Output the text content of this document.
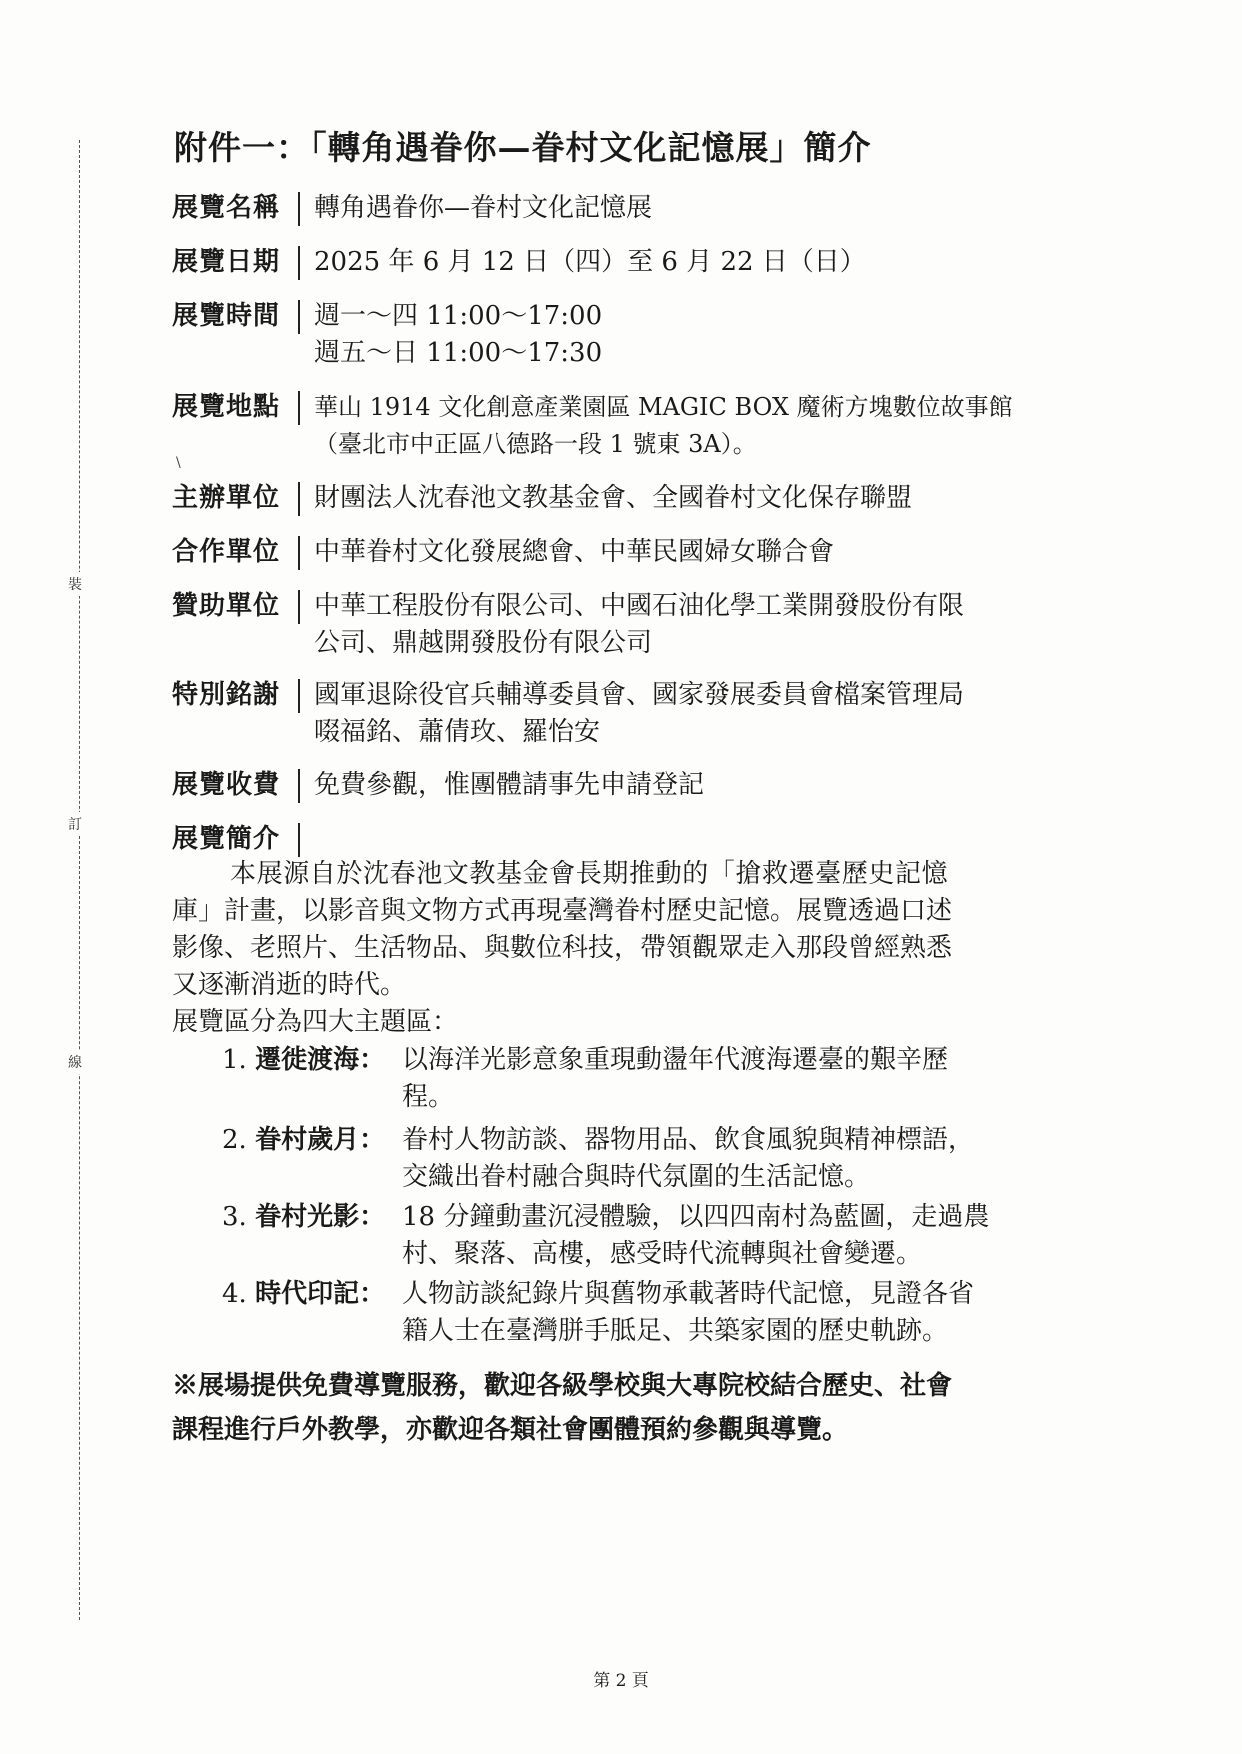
裝
訂
線
附件一：「轉角遇眷你—眷村文化記憶展」簡介
展覽名稱	轉角遇眷你—眷村文化記憶展
展覽日期	2025 年 6 月 12 日（四）至 6 月 22 日（日）
展覽時間	週一～四 11:00～17:00
週五～日 11:00～17:30
展覽地點	華山 1914 文化創意產業園區 MAGIC BOX 魔術方塊數位故事館
（臺北市中正區八德路一段 1 號東 3A）。
\
主辦單位	財團法人沈春池文教基金會、全國眷村文化保存聯盟
合作單位	中華眷村文化發展總會、中華民國婦女聯合會
贊助單位	中華工程股份有限公司、中國石油化學工業開發股份有限
公司、鼎越開發股份有限公司
特別銘謝	國軍退除役官兵輔導委員會、國家發展委員會檔案管理局
啜福銘、蕭倩玫、羅怡安
展覽收費	免費參觀，惟團體請事先申請登記
展覽簡介
本展源自於沈春池文教基金會長期推動的「搶救遷臺歷史記憶
庫」計畫，以影音與文物方式再現臺灣眷村歷史記憶。展覽透過口述
影像、老照片、生活物品、與數位科技，帶領觀眾走入那段曾經熟悉
又逐漸消逝的時代。
展覽區分為四大主題區：
1. 遷徙渡海： 以海洋光影意象重現動盪年代渡海遷臺的艱辛歷
程。
2. 眷村歲月： 眷村人物訪談、器物用品、飲食風貌與精神標語，
交織出眷村融合與時代氛圍的生活記憶。
3. 眷村光影： 18 分鐘動畫沉浸體驗，以四四南村為藍圖，走過農
村、聚落、高樓，感受時代流轉與社會變遷。
4. 時代印記： 人物訪談紀錄片與舊物承載著時代記憶，見證各省
籍人士在臺灣胼手胝足、共築家園的歷史軌跡。
※展場提供免費導覽服務，歡迎各級學校與大專院校結合歷史、社會
課程進行戶外教學，亦歡迎各類社會團體預約參觀與導覽。
第 2 頁
